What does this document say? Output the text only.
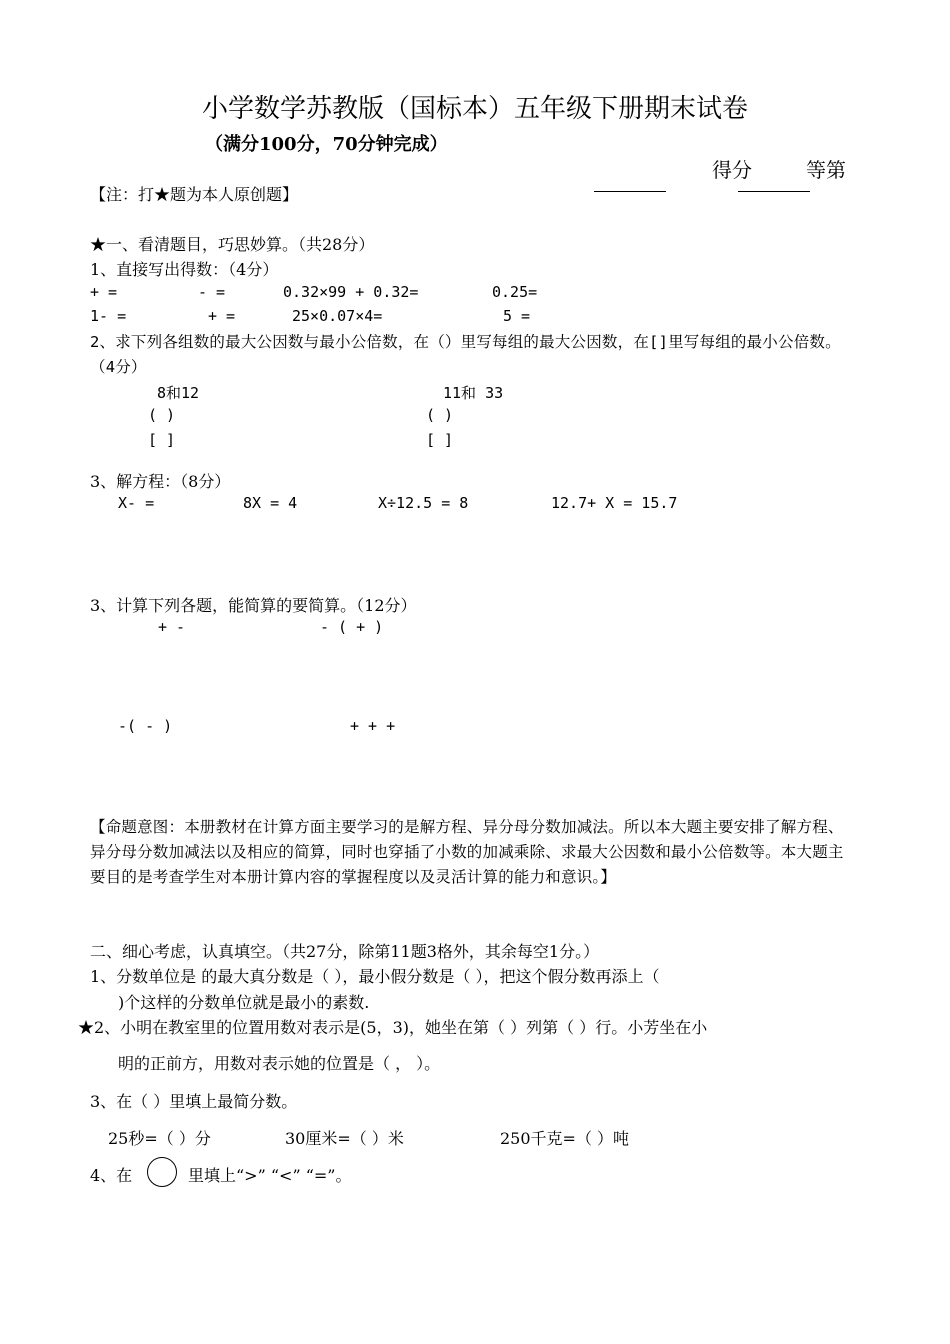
小学数学苏教版（国标本）五年级下册期末试卷
（满分100分，70分钟完成）
得分	等第
【注：打★题为本人原创题】
★一、看清题目，巧思妙算。（共28分）
1、直接写出得数：（4分）
+ =	- =	0.32×99 + 0.32=	0.25=
1- =	+ =	25×0.07×4=	5 =
2、求下列各组数的最大公因数与最小公倍数，在（）里写每组的最大公因数，在[]里写每组的最小公倍数。（4分）
8和12
( )
[ ]
11和 33
( )
[ ]
3、解方程：（8分）
X- =	8X = 4	X÷12.5 = 8	12.7+ X = 15.7
3、计算下列各题，能简算的要简算。（12分）
+ -	- ( + )
-( - )	+ + +
【命题意图：本册教材在计算方面主要学习的是解方程、异分母分数加减法。所以本大题主要安排了解方程、异分母分数加减法以及相应的简算，同时也穿插了小数的加减乘除、求最大公因数和最小公倍数等。本大题主要目的是考查学生对本册计算内容的掌握程度以及灵活计算的能力和意识。】
二、细心考虑，认真填空。（共27分，除第11题3格外，其余每空1分。）
1、分数单位是 的最大真分数是（ ），最小假分数是（ ），把这个假分数再添上（
)个这样的分数单位就是最小的素数.
★2、小明在教室里的位置用数对表示是(5，3)，她坐在第（ ）列第（ ）行。小芳坐在小
明的正前方，用数对表示她的位置是（ ， ）。
3、在（ ）里填上最简分数。
25秒=（ ）分	30厘米=（ ）米	250千克=（ ）吨
4、在	里填上“>” “<” “=”。
